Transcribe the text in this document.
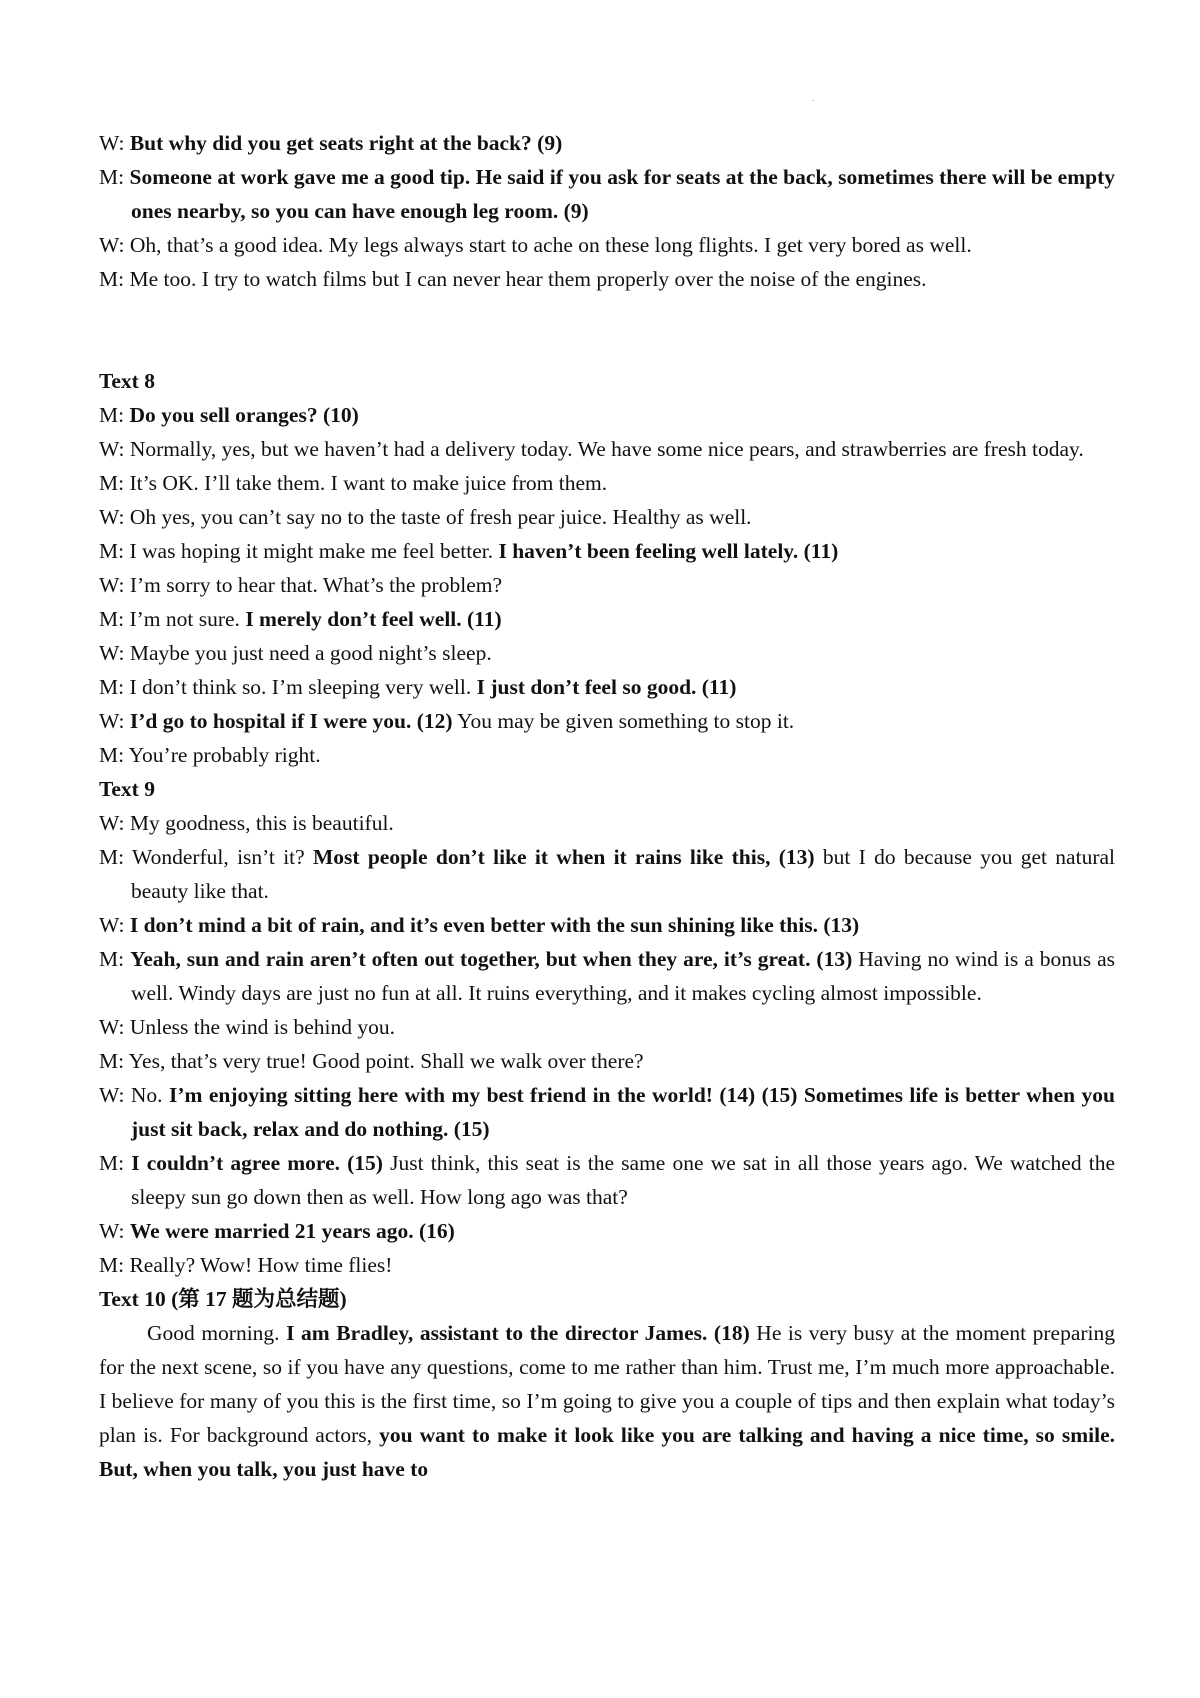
W: But why did you get seats right at the back? (9)
M: Someone at work gave me a good tip. He said if you ask for seats at the back, sometimes there will be empty ones nearby, so you can have enough leg room. (9)
W: Oh, that’s a good idea. My legs always start to ache on these long flights. I get very bored as well.
M: Me too. I try to watch films but I can never hear them properly over the noise of the engines.
Text 8
M: Do you sell oranges? (10)
W: Normally, yes, but we haven’t had a delivery today. We have some nice pears, and strawberries are fresh today.
M: It’s OK. I’ll take them. I want to make juice from them.
W: Oh yes, you can’t say no to the taste of fresh pear juice. Healthy as well.
M: I was hoping it might make me feel better. I haven’t been feeling well lately. (11)
W: I’m sorry to hear that. What’s the problem?
M: I’m not sure. I merely don’t feel well. (11)
W: Maybe you just need a good night’s sleep.
M: I don’t think so. I’m sleeping very well. I just don’t feel so good. (11)
W: I’d go to hospital if I were you. (12) You may be given something to stop it.
M: You’re probably right.
Text 9
W: My goodness, this is beautiful.
M: Wonderful, isn’t it? Most people don’t like it when it rains like this, (13) but I do because you get natural beauty like that.
W: I don’t mind a bit of rain, and it’s even better with the sun shining like this. (13)
M: Yeah, sun and rain aren’t often out together, but when they are, it’s great. (13) Having no wind is a bonus as well. Windy days are just no fun at all. It ruins everything, and it makes cycling almost impossible.
W: Unless the wind is behind you.
M: Yes, that’s very true! Good point. Shall we walk over there?
W: No. I’m enjoying sitting here with my best friend in the world! (14) (15) Sometimes life is better when you just sit back, relax and do nothing. (15)
M: I couldn’t agree more. (15) Just think, this seat is the same one we sat in all those years ago. We watched the sleepy sun go down then as well. How long ago was that?
W: We were married 21 years ago. (16)
M: Really? Wow! How time flies!
Text 10 (第 17 题为总结题)
Good morning. I am Bradley, assistant to the director James. (18) He is very busy at the moment preparing for the next scene, so if you have any questions, come to me rather than him. Trust me, I’m much more approachable. I believe for many of you this is the first time, so I’m going to give you a couple of tips and then explain what today’s plan is. For background actors, you want to make it look like you are talking and having a nice time, so smile. But, when you talk, you just have to
